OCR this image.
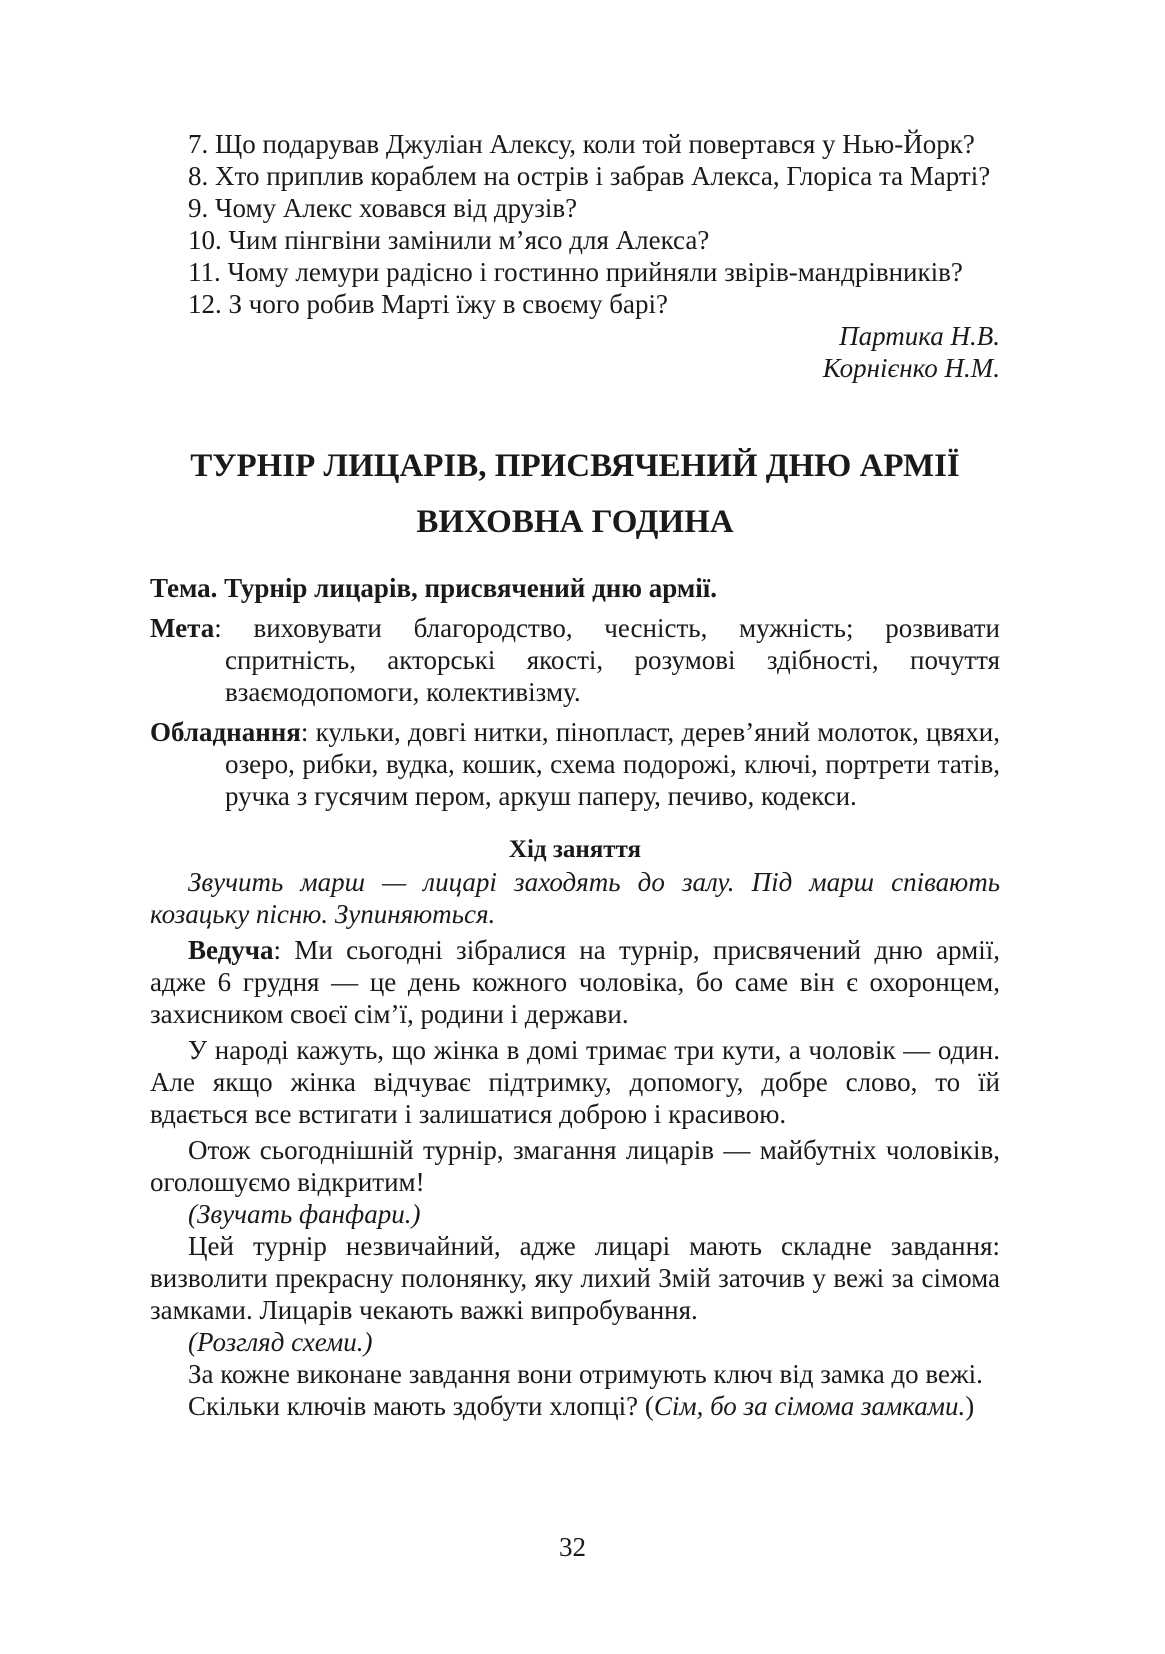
7. Що подарував Джуліан Алексу, коли той повертався у Нью-Йорк?

8. Хто приплив кораблем на острів і забрав Алекса, Глоріса та Марті?

9. Чому Алекс ховався від друзів?

10. Чим пінгвіни замінили м’ясо для Алекса?

11. Чому лемури радісно і гостинно прийняли звірів-мандрівників?

12. З чого робив Марті їжу в своєму барі?

Партика Н.В.
Корнієнко Н.М.
ТУРНІР ЛИЦАРІВ, ПРИСВЯЧЕНИЙ ДНЮ АРМІЇ
ВИХОВНА ГОДИНА
Тема. Турнір лицарів, присвячений дню армії.
Мета: виховувати благородство, чесність, мужність; розвивати спритність, акторські якості, розумові здібності, почуття взаємодопомоги, колективізму.
Обладнання: кульки, довгі нитки, пінопласт, дерев’яний молоток, цвяхи, озеро, рибки, вудка, кошик, схема подорожі, ключі, портрети татів, ручка з гусячим пером, аркуш паперу, печиво, кодекси.
Хід заняття

Звучить марш — лицарі заходять до залу. Під марш співають козацьку пісню. Зупиняються.

Ведуча: Ми сьогодні зібралися на турнір, присвячений дню армії, адже 6 грудня — це день кожного чоловіка, бо саме він є охоронцем, захисником своєї сім’ї, родини і держави.

У народі кажуть, що жінка в домі тримає три кути, а чоловік — один. Але якщо жінка відчуває підтримку, допомогу, добре слово, то їй вдається все встигати і залишатися доброю і красивою.

Отож сьогоднішній турнір, змагання лицарів — майбутніх чоловіків, оголошуємо відкритим!

(Звучать фанфари.)

Цей турнір незвичайний, адже лицарі мають складне завдання: визволити прекрасну полонянку, яку лихий Змій заточив у вежі за сімома замками. Лицарів чекають важкі випробування.

(Розгляд схеми.)

За кожне виконане завдання вони отримують ключ від замка до вежі.

Скільки ключів мають здобути хлопці? (Сім, бо за сімома замками.)

32
